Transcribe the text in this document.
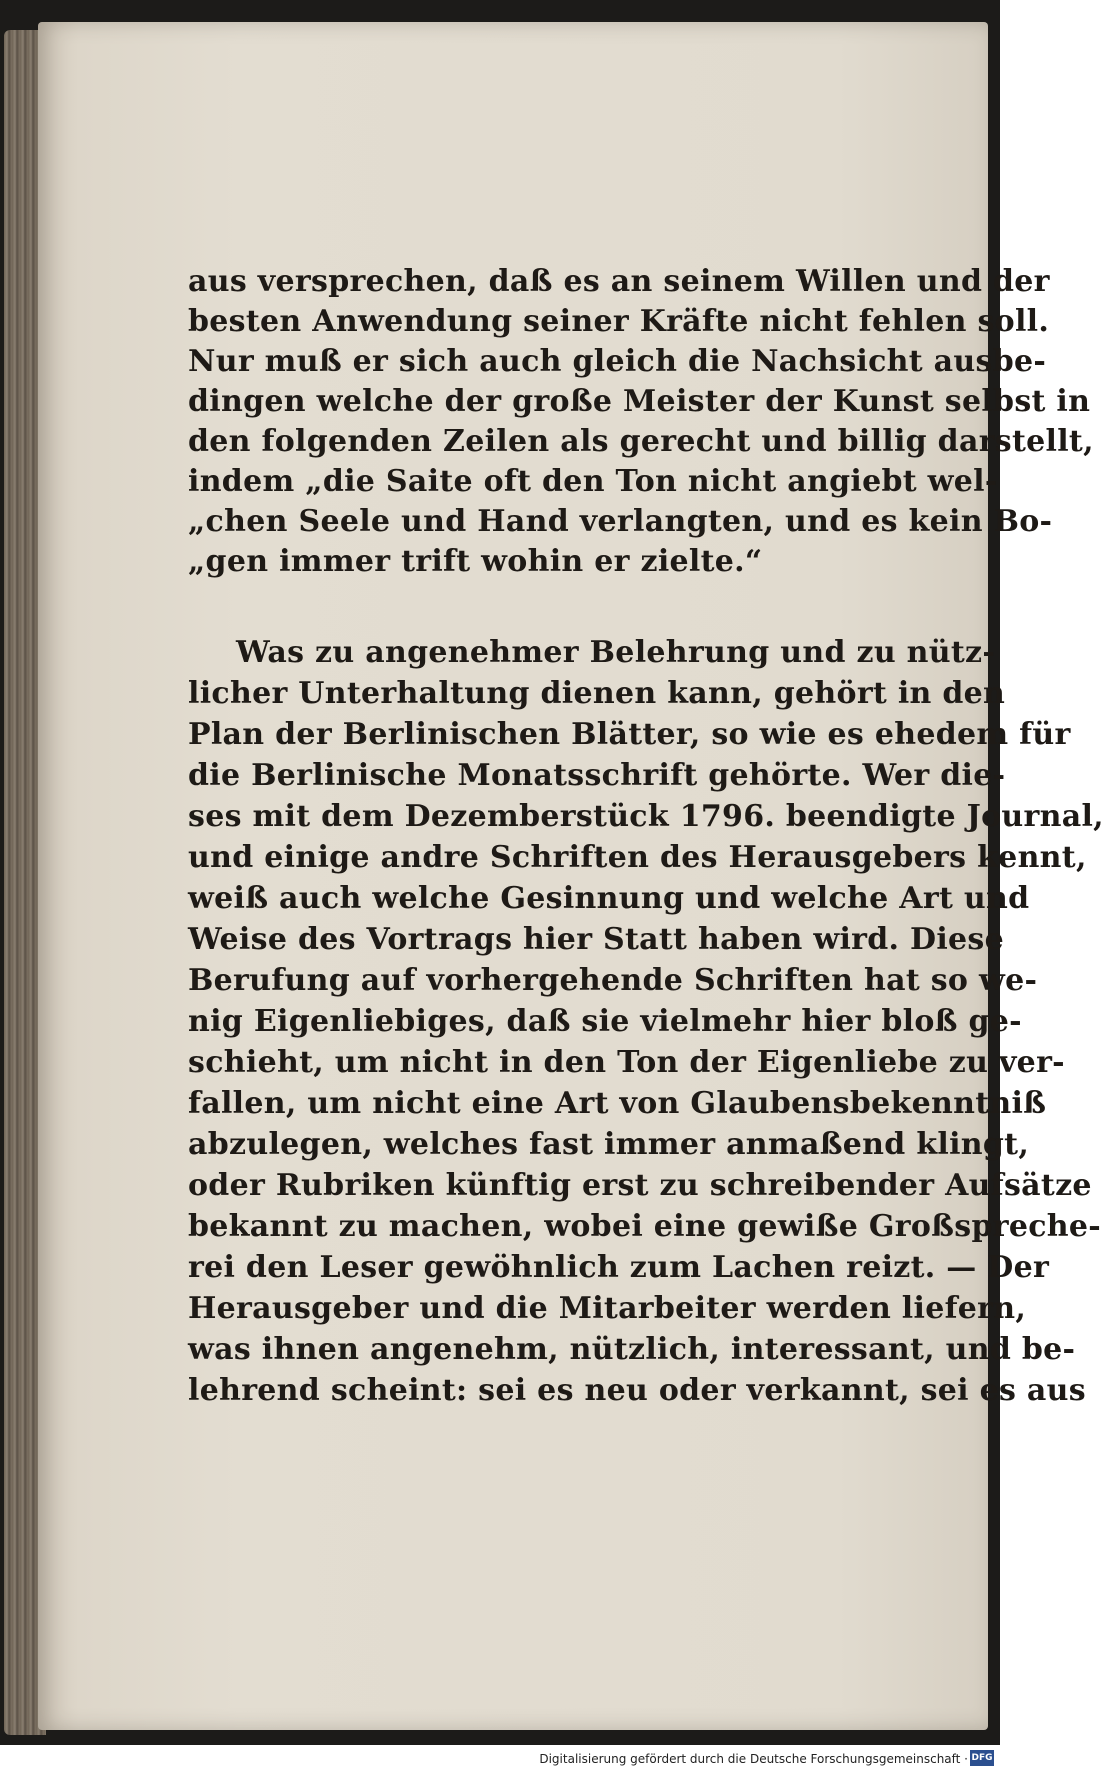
aus versprechen, daß es an seinem Willen und der
besten Anwendung seiner Kräfte nicht fehlen soll.
Nur muß er sich auch gleich die Nachsicht ausbe-
dingen welche der große Meister der Kunst selbst in
den folgenden Zeilen als gerecht und billig darstellt,
indem „die Saite oft den Ton nicht angiebt wel-
„chen Seele und Hand verlangten, und es kein Bo-
„gen immer trift wohin er zielte.“
Was zu angenehmer Belehrung und zu nütz-
licher Unterhaltung dienen kann, gehört in den
Plan der Berlinischen Blätter, so wie es ehedem für
die Berlinische Monatsschrift gehörte. Wer die-
ses mit dem Dezemberstück 1796. beendigte Journal,
und einige andre Schriften des Herausgebers kennt,
weiß auch welche Gesinnung und welche Art und
Weise des Vortrags hier Statt haben wird. Diese
Berufung auf vorhergehende Schriften hat so we-
nig Eigenliebiges, daß sie vielmehr hier bloß ge-
schieht, um nicht in den Ton der Eigenliebe zu ver-
fallen, um nicht eine Art von Glaubensbekenntniß
abzulegen, welches fast immer anmaßend klingt,
oder Rubriken künftig erst zu schreibender Aufsätze
bekannt zu machen, wobei eine gewiße Großspreche-
rei den Leser gewöhnlich zum Lachen reizt. — Der
Herausgeber und die Mitarbeiter werden liefern,
was ihnen angenehm, nützlich, interessant, und be-
lehrend scheint: sei es neu oder verkannt, sei es aus
Digitalisierung gefördert durch die Deutsche Forschungsgemeinschaft · DFG
